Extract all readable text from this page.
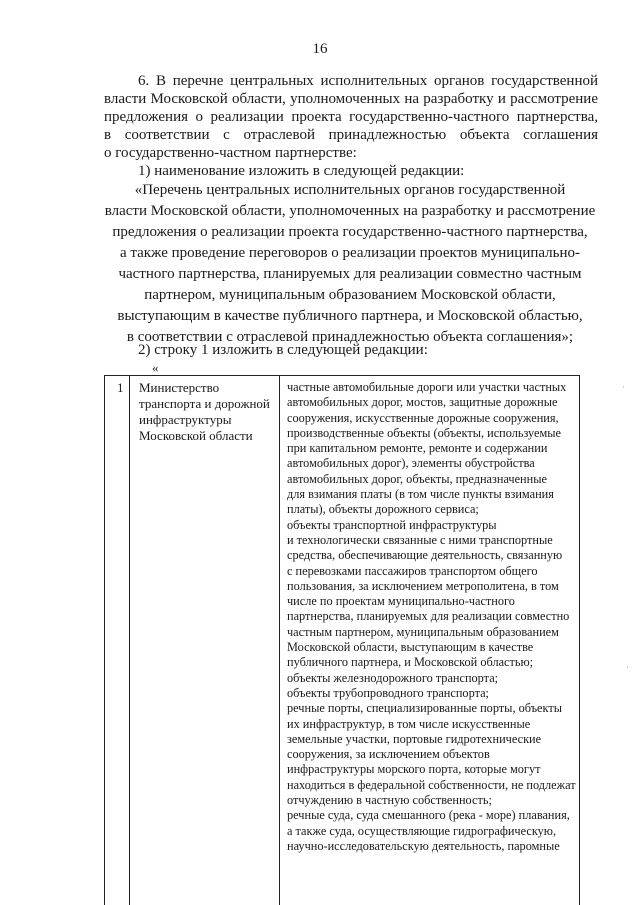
16
6. В перечне центральных исполнительных органов государственной
власти Московской области, уполномоченных на разработку и рассмотрение
предложения о реализации проекта государственно-частного партнерства,
в соответствии с отраслевой принадлежностью объекта соглашения
о государственно-частном партнерстве:
1) наименование изложить в следующей редакции:
«Перечень центральных исполнительных органов государственной
власти Московской области, уполномоченных на разработку и рассмотрение
предложения о реализации проекта государственно-частного партнерства,
а также проведение переговоров о реализации проектов муниципально-
частного партнерства, планируемых для реализации совместно частным
партнером, муниципальным образованием Московской области,
выступающим в качестве публичного партнера, и Московской областью,
в соответствии с отраслевой принадлежностью объекта соглашения»;
2) строку 1 изложить в следующей редакции:
«
1 Министерство
транспорта и дорожной
инфраструктуры
Московской области
частные автомобильные дороги или участки частных
автомобильных дорог, мостов, защитные дорожные
сооружения, искусственные дорожные сооружения,
производственные объекты (объекты, используемые
при капитальном ремонте, ремонте и содержании
автомобильных дорог), элементы обустройства
автомобильных дорог, объекты, предназначенные
для взимания платы (в том числе пункты взимания
платы), объекты дорожного сервиса;
объекты транспортной инфраструктуры
и технологически связанные с ними транспортные
средства, обеспечивающие деятельность, связанную
с перевозками пассажиров транспортом общего
пользования, за исключением метрополитена, в том
числе по проектам муниципально-частного
партнерства, планируемых для реализации совместно
частным партнером, муниципальным образованием
Московской области, выступающим в качестве
публичного партнера, и Московской областью;
объекты железнодорожного транспорта;
объекты трубопроводного транспорта;
речные порты, специализированные порты, объекты
их инфраструктур, в том числе искусственные
земельные участки, портовые гидротехнические
сооружения, за исключением объектов
инфраструктуры морского порта, которые могут
находиться в федеральной собственности, не подлежат
отчуждению в частную собственность;
речные суда, суда смешанного (река - море) плавания,
а также суда, осуществляющие гидрографическую,
научно-исследовательскую деятельность, паромные
·
·
